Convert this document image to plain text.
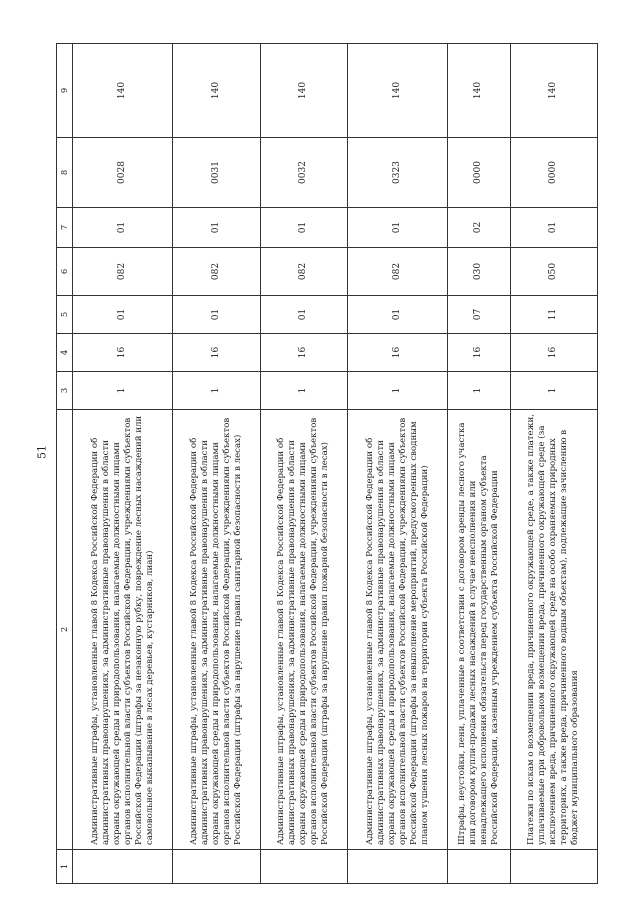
51
1	2	3	4	5	6	7	8	9
	Административные штрафы, установленные главой 8 Кодекса Российской Федерации об административных правонарушениях, за административные правонарушения в области охраны окружающей среды и природопользования, налагаемые должностными лицами органов исполнительной власти субъектов Российской Федерации, учреждениями субъектов Российской Федерации (штрафы за незаконную рубку, повреждение лесных насаждений или самовольное выкапывание в лесах деревьев, кустарников, лиан)	1	16	01	082	01	0028	140
	Административные штрафы, установленные главой 8 Кодекса Российской Федерации об административных правонарушениях, за административные правонарушения в области охраны окружающей среды и природопользования, налагаемые должностными лицами органов исполнительной власти субъектов Российской Федерации, учреждениями субъектов Российской Федерации (штрафы за нарушение правил санитарной безопасности в лесах)	1	16	01	082	01	0031	140
	Административные штрафы, установленные главой 8 Кодекса Российской Федерации об административных правонарушениях, за административные правонарушения в области охраны окружающей среды и природопользования, налагаемые должностными лицами органов исполнительной власти субъектов Российской Федерации, учреждениями субъектов Российской Федерации (штрафы за нарушение правил пожарной безопасности в лесах)	1	16	01	082	01	0032	140
	Административные штрафы, установленные главой 8 Кодекса Российской Федерации об административных правонарушениях, за административные правонарушения в области охраны окружающей среды и природопользования, налагаемые должностными лицами органов исполнительной власти субъектов Российской Федерации, учреждениями субъектов Российской Федерации (штрафы за невыполнение мероприятий, предусмотренных сводным планом тушения лесных пожаров на территории субъекта Российской Федерации)	1	16	01	082	01	0323	140
	Штрафы, неустойки, пени, уплаченные в соответствии с договором аренды лесного участка или договором купли-продажи лесных насаждений в случае неисполнения или ненадлежащего исполнения обязательств перед государственным органом субъекта Российской Федерации, казенным учреждением субъекта Российской Федерации	1	16	07	030	02	0000	140
	Платежи по искам о возмещении вреда, причиненного окружающей среде, а также платежи, уплачиваемые при добровольном возмещении вреда, причиненного окружающей среде (за исключением вреда, причиненного окружающей среде на особо охраняемых природных территориях, а также вреда, причиненного водным объектам), подлежащие зачислению в бюджет муниципального образования	1	16	11	050	01	0000	140
